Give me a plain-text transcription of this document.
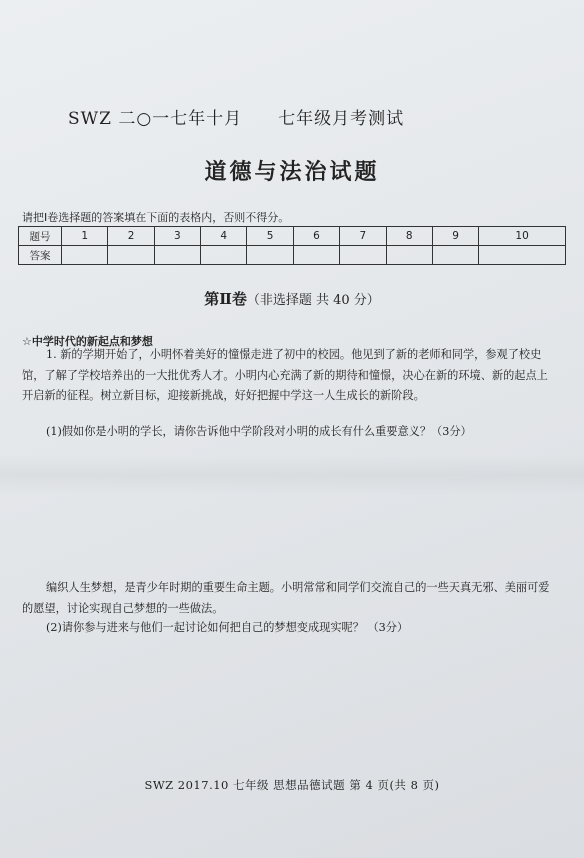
SWZ 二○一七年十月 七年级月考测试
道德与法治试题
请把Ⅰ卷选择题的答案填在下面的表格内，否则不得分。
题号	1	2	3	4	5	6	7	8	9	10
答案										
第Ⅱ卷（非选择题 共 40 分）
☆中学时代的新起点和梦想
1. 新的学期开始了，小明怀着美好的憧憬走进了初中的校园。他见到了新的老师和同学，参观了校史馆，了解了学校培养出的一大批优秀人才。小明内心充满了新的期待和憧憬，决心在新的环境、新的起点上开启新的征程。树立新目标，迎接新挑战，好好把握中学这一人生成长的新阶段。
(1)假如你是小明的学长，请你告诉他中学阶段对小明的成长有什么重要意义？（3分）
编织人生梦想，是青少年时期的重要生命主题。小明常常和同学们交流自己的一些天真无邪、美丽可爱的愿望，讨论实现自己梦想的一些做法。
(2)请你参与进来与他们一起讨论如何把自己的梦想变成现实呢？ （3分）
SWZ 2017.10 七年级 思想品德试题 第 4 页(共 8 页)
